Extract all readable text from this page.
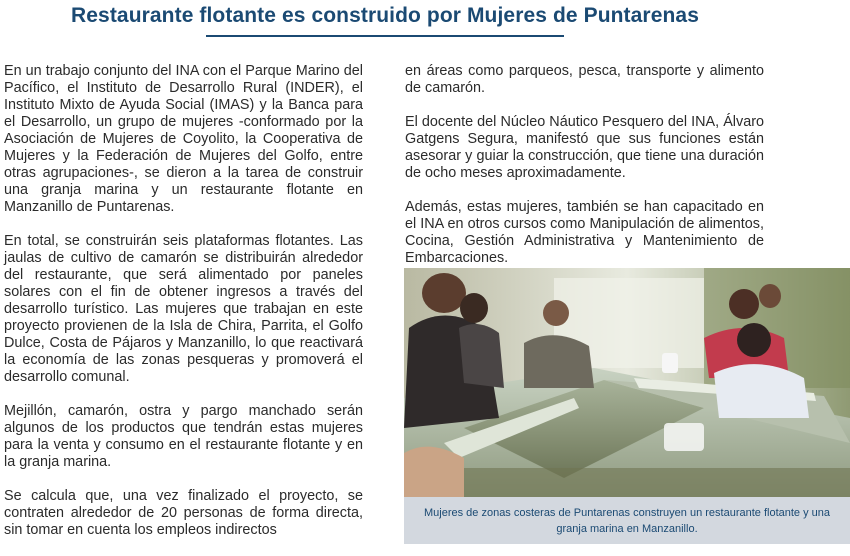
Restaurante flotante es construido por Mujeres de Puntarenas

En un trabajo conjunto del INA con el Parque Marino del Pacífico, el Instituto de Desarrollo Rural (INDER), el Instituto Mixto de Ayuda Social (IMAS) y la Banca para el Desarrollo, un grupo de mujeres -conformado por la Asociación de Mujeres de Coyolito, la Cooperativa de Mujeres y la Federación de Mujeres del Golfo, entre otras agrupaciones-, se dieron a la tarea de construir una granja marina y un restaurante flotante en Manzanillo de Puntarenas.

En total, se construirán seis plataformas flotantes. Las jaulas de cultivo de camarón se distribuirán alrededor del restaurante, que será alimentado por paneles solares con el fin de obtener ingresos a través del desarrollo turístico. Las mujeres que trabajan en este proyecto provienen de la Isla de Chira, Parrita, el Golfo Dulce, Costa de Pájaros y Manzanillo, lo que reactivará la economía de las zonas pesqueras y promoverá el desarrollo comunal.

Mejillón, camarón, ostra y pargo manchado serán algunos de los productos que tendrán estas mujeres para la venta y consumo en el restaurante flotante y en la granja marina.

Se calcula que, una vez finalizado el proyecto, se contraten alrededor de 20 personas de forma directa, sin tomar en cuenta los empleos indirectos

en áreas como parqueos, pesca, transporte y alimento de camarón.

El docente del Núcleo Náutico Pesquero del INA, Álvaro Gatgens Segura, manifestó que sus funciones están asesorar y guiar la construcción, que tiene una duración de ocho meses aproximadamente.

Además, estas mujeres, también se han capacitado en el INA en otros cursos como Manipulación de alimentos, Cocina, Gestión Administrativa y Mantenimiento de Embarcaciones.

Mujeres de zonas costeras de Puntarenas construyen un restaurante flotante y una granja marina en Manzanillo.
